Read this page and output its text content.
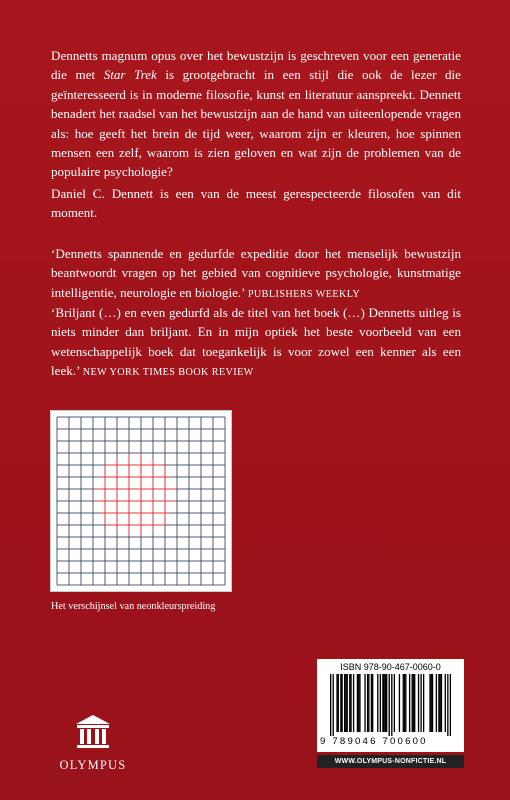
Dennetts magnum opus over het bewustzijn is geschreven voor een generatie die met Star Trek is grootgebracht in een stijl die ook de lezer die geïnteresseerd is in moderne filosofie, kunst en literatuur aanspreekt. Dennett benadert het raadsel van het bewustzijn aan de hand van uiteenlopende vragen als: hoe geeft het brein de tijd weer, waarom zijn er kleuren, hoe spinnen mensen een zelf, waarom is zien geloven en wat zijn de problemen van de populaire psychologie?

Daniel C. Dennett is een van de meest gerespecteerde filosofen van dit moment.

‘Dennetts spannende en gedurfde expeditie door het menselijk bewustzijn beantwoordt vragen op het gebied van cognitieve psychologie, kunstmatige intelligentie, neurologie en biologie.’ PUBLISHERS WEEKLY

‘Briljant (…) en even gedurfd als de titel van het boek (…) Dennetts uitleg is niets minder dan briljant. En in mijn optiek het beste voorbeeld van een wetenschappelijk boek dat toegankelijk is voor zowel een kenner als een leek.’ NEW YORK TIMES BOOK REVIEW

Het verschijnsel van neonkleurspreiding
OLYMPUS
ISBN 978-90-467-0060-0
9 789046 700600
WWW.OLYMPUS-NONFICTIE.NL
